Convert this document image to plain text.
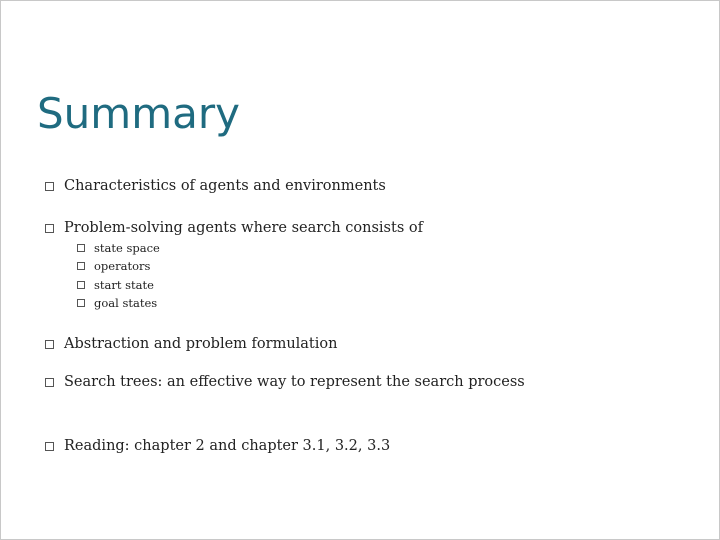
Summary
Characteristics of agents and environments
Problem-solving agents where search consists of
state space
operators
start state
goal states
Abstraction and problem formulation
Search trees: an effective way to represent the search process
Reading: chapter 2 and chapter 3.1, 3.2, 3.3
